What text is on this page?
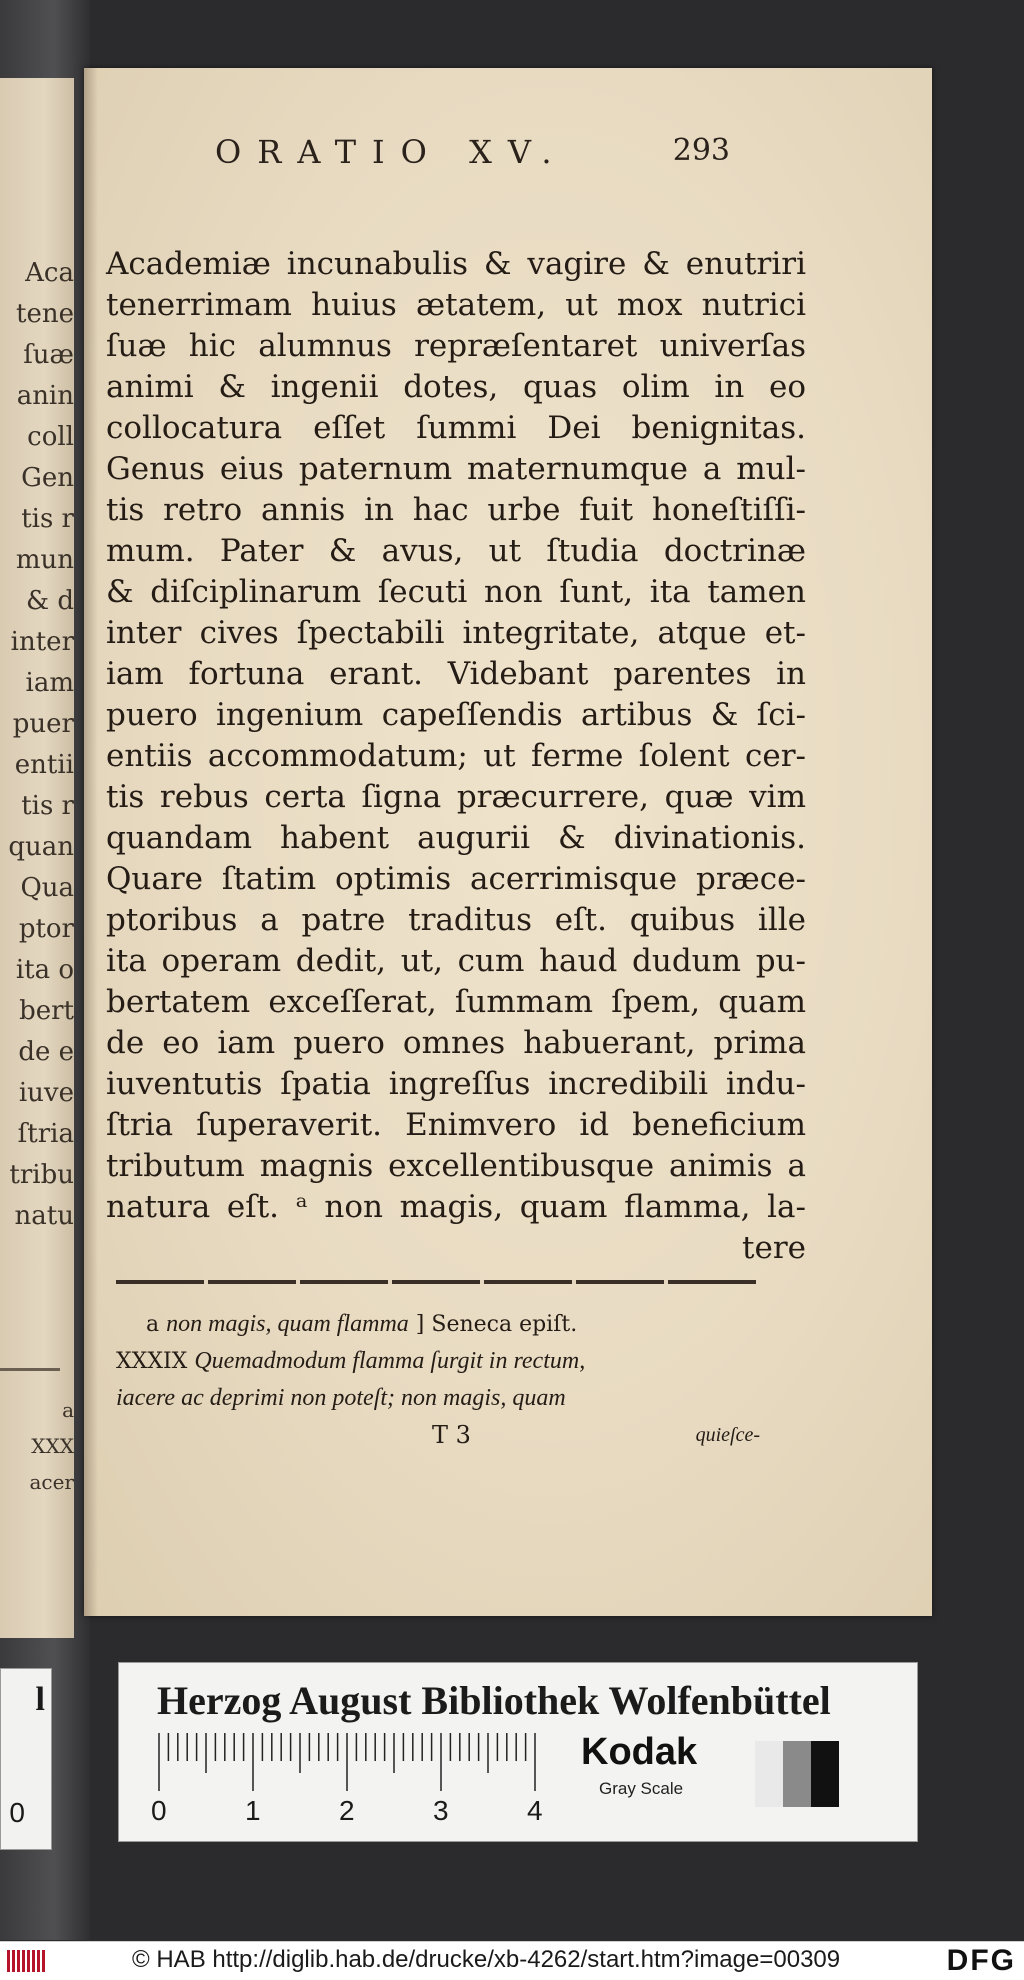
Aca
tene
ſuæ
anin
coll
Gen
tis r
mun
& d
inter
iam
puer
entii
tis r
quan
Qua
ptor
ita o
bert
de e
iuve
ſtria
tribu
natu
a
XXX
acer
l
0
Academiæ incunabulis & vagire & enutriri
tenerrimam huius ætatem, ut mox nutrici
ſuæ hic alumnus repræſentaret univerſas
animi & ingenii dotes, quas olim in eo
collocatura eſſet ſummi Dei benignitas.
Genus eius paternum maternumque a mul-
tis retro annis in hac urbe fuit honeſtiſſi-
mum. Pater & avus, ut ſtudia doctrinæ
& diſciplinarum ſecuti non ſunt, ita tamen
inter cives ſpectabili integritate, atque et-
iam fortuna erant. Videbant parentes in
puero ingenium capeſſendis artibus & ſci-
entiis accommodatum; ut ferme ſolent cer-
tis rebus certa ſigna præcurrere, quæ vim
quandam habent augurii & divinationis.
Quare ſtatim optimis acerrimisque præce-
ptoribus a patre traditus eſt. quibus ille
ita operam dedit, ut, cum haud dudum pu-
bertatem exceſſerat, ſummam ſpem, quam
de eo iam puero omnes habuerant, prima
iuventutis ſpatia ingreſſus incredibili indu-
ſtria ſuperaverit. Enimvero id beneficium
tributum magnis excellentibusque animis a
natura eſt. ᵃ non magis, quam flamma, la-
tere
a non magis, quam flamma ] Seneca epiſt.
XXXIX Quemadmodum flamma ſurgit in rectum,
iacere ac deprimi non poteſt; non magis, quam
T 3	quieſce-
ORATIO XV.	293
Herzog August Bibliothek Wolfenbüttel
0	1	2	3	4
Kodak
Gray Scale
© HAB http://diglib.hab.de/drucke/xb-4262/start.htm?image=00309	DFG
